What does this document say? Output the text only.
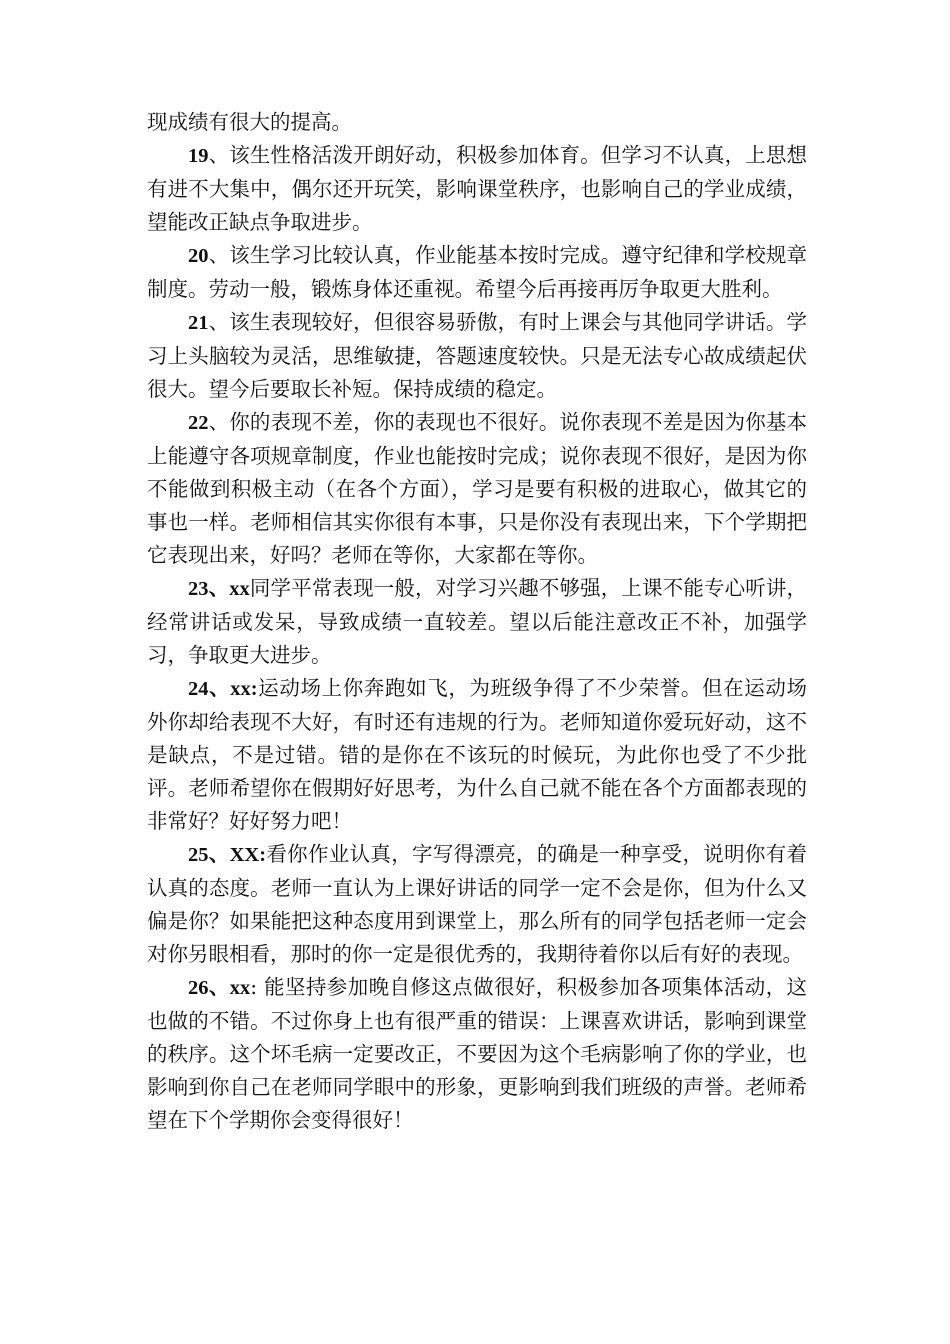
现成绩有很大的提高。

19、该生性格活泼开朗好动，积极参加体育。但学习不认真，上思想有进不大集中，偶尔还开玩笑，影响课堂秩序，也影响自己的学业成绩，望能改正缺点争取进步。

20、该生学习比较认真，作业能基本按时完成。遵守纪律和学校规章制度。劳动一般，锻炼身体还重视。希望今后再接再厉争取更大胜利。

21、该生表现较好，但很容易骄傲，有时上课会与其他同学讲话。学习上头脑较为灵活，思维敏捷，答题速度较快。只是无法专心故成绩起伏很大。望今后要取长补短。保持成绩的稳定。

22、你的表现不差，你的表现也不很好。说你表现不差是因为你基本上能遵守各项规章制度，作业也能按时完成；说你表现不很好，是因为你不能做到积极主动（在各个方面），学习是要有积极的进取心，做其它的事也一样。老师相信其实你很有本事，只是你没有表现出来，下个学期把它表现出来，好吗？老师在等你，大家都在等你。

23、xx同学平常表现一般，对学习兴趣不够强，上课不能专心听讲，经常讲话或发呆，导致成绩一直较差。望以后能注意改正不补，加强学习，争取更大进步。

24、xx:运动场上你奔跑如飞，为班级争得了不少荣誉。但在运动场外你却给表现不大好，有时还有违规的行为。老师知道你爱玩好动，这不是缺点，不是过错。错的是你在不该玩的时候玩，为此你也受了不少批评。老师希望你在假期好好思考，为什么自己就不能在各个方面都表现的非常好？好好努力吧！

25、XX:看你作业认真，字写得漂亮，的确是一种享受，说明你有着认真的态度。老师一直认为上课好讲话的同学一定不会是你，但为什么又偏是你？如果能把这种态度用到课堂上，那么所有的同学包括老师一定会对你另眼相看，那时的你一定是很优秀的，我期待着你以后有好的表现。

26、xx: 能坚持参加晚自修这点做很好，积极参加各项集体活动，这也做的不错。不过你身上也有很严重的错误：上课喜欢讲话，影响到课堂的秩序。这个坏毛病一定要改正，不要因为这个毛病影响了你的学业，也影响到你自己在老师同学眼中的形象，更影响到我们班级的声誉。老师希望在下个学期你会变得很好！
